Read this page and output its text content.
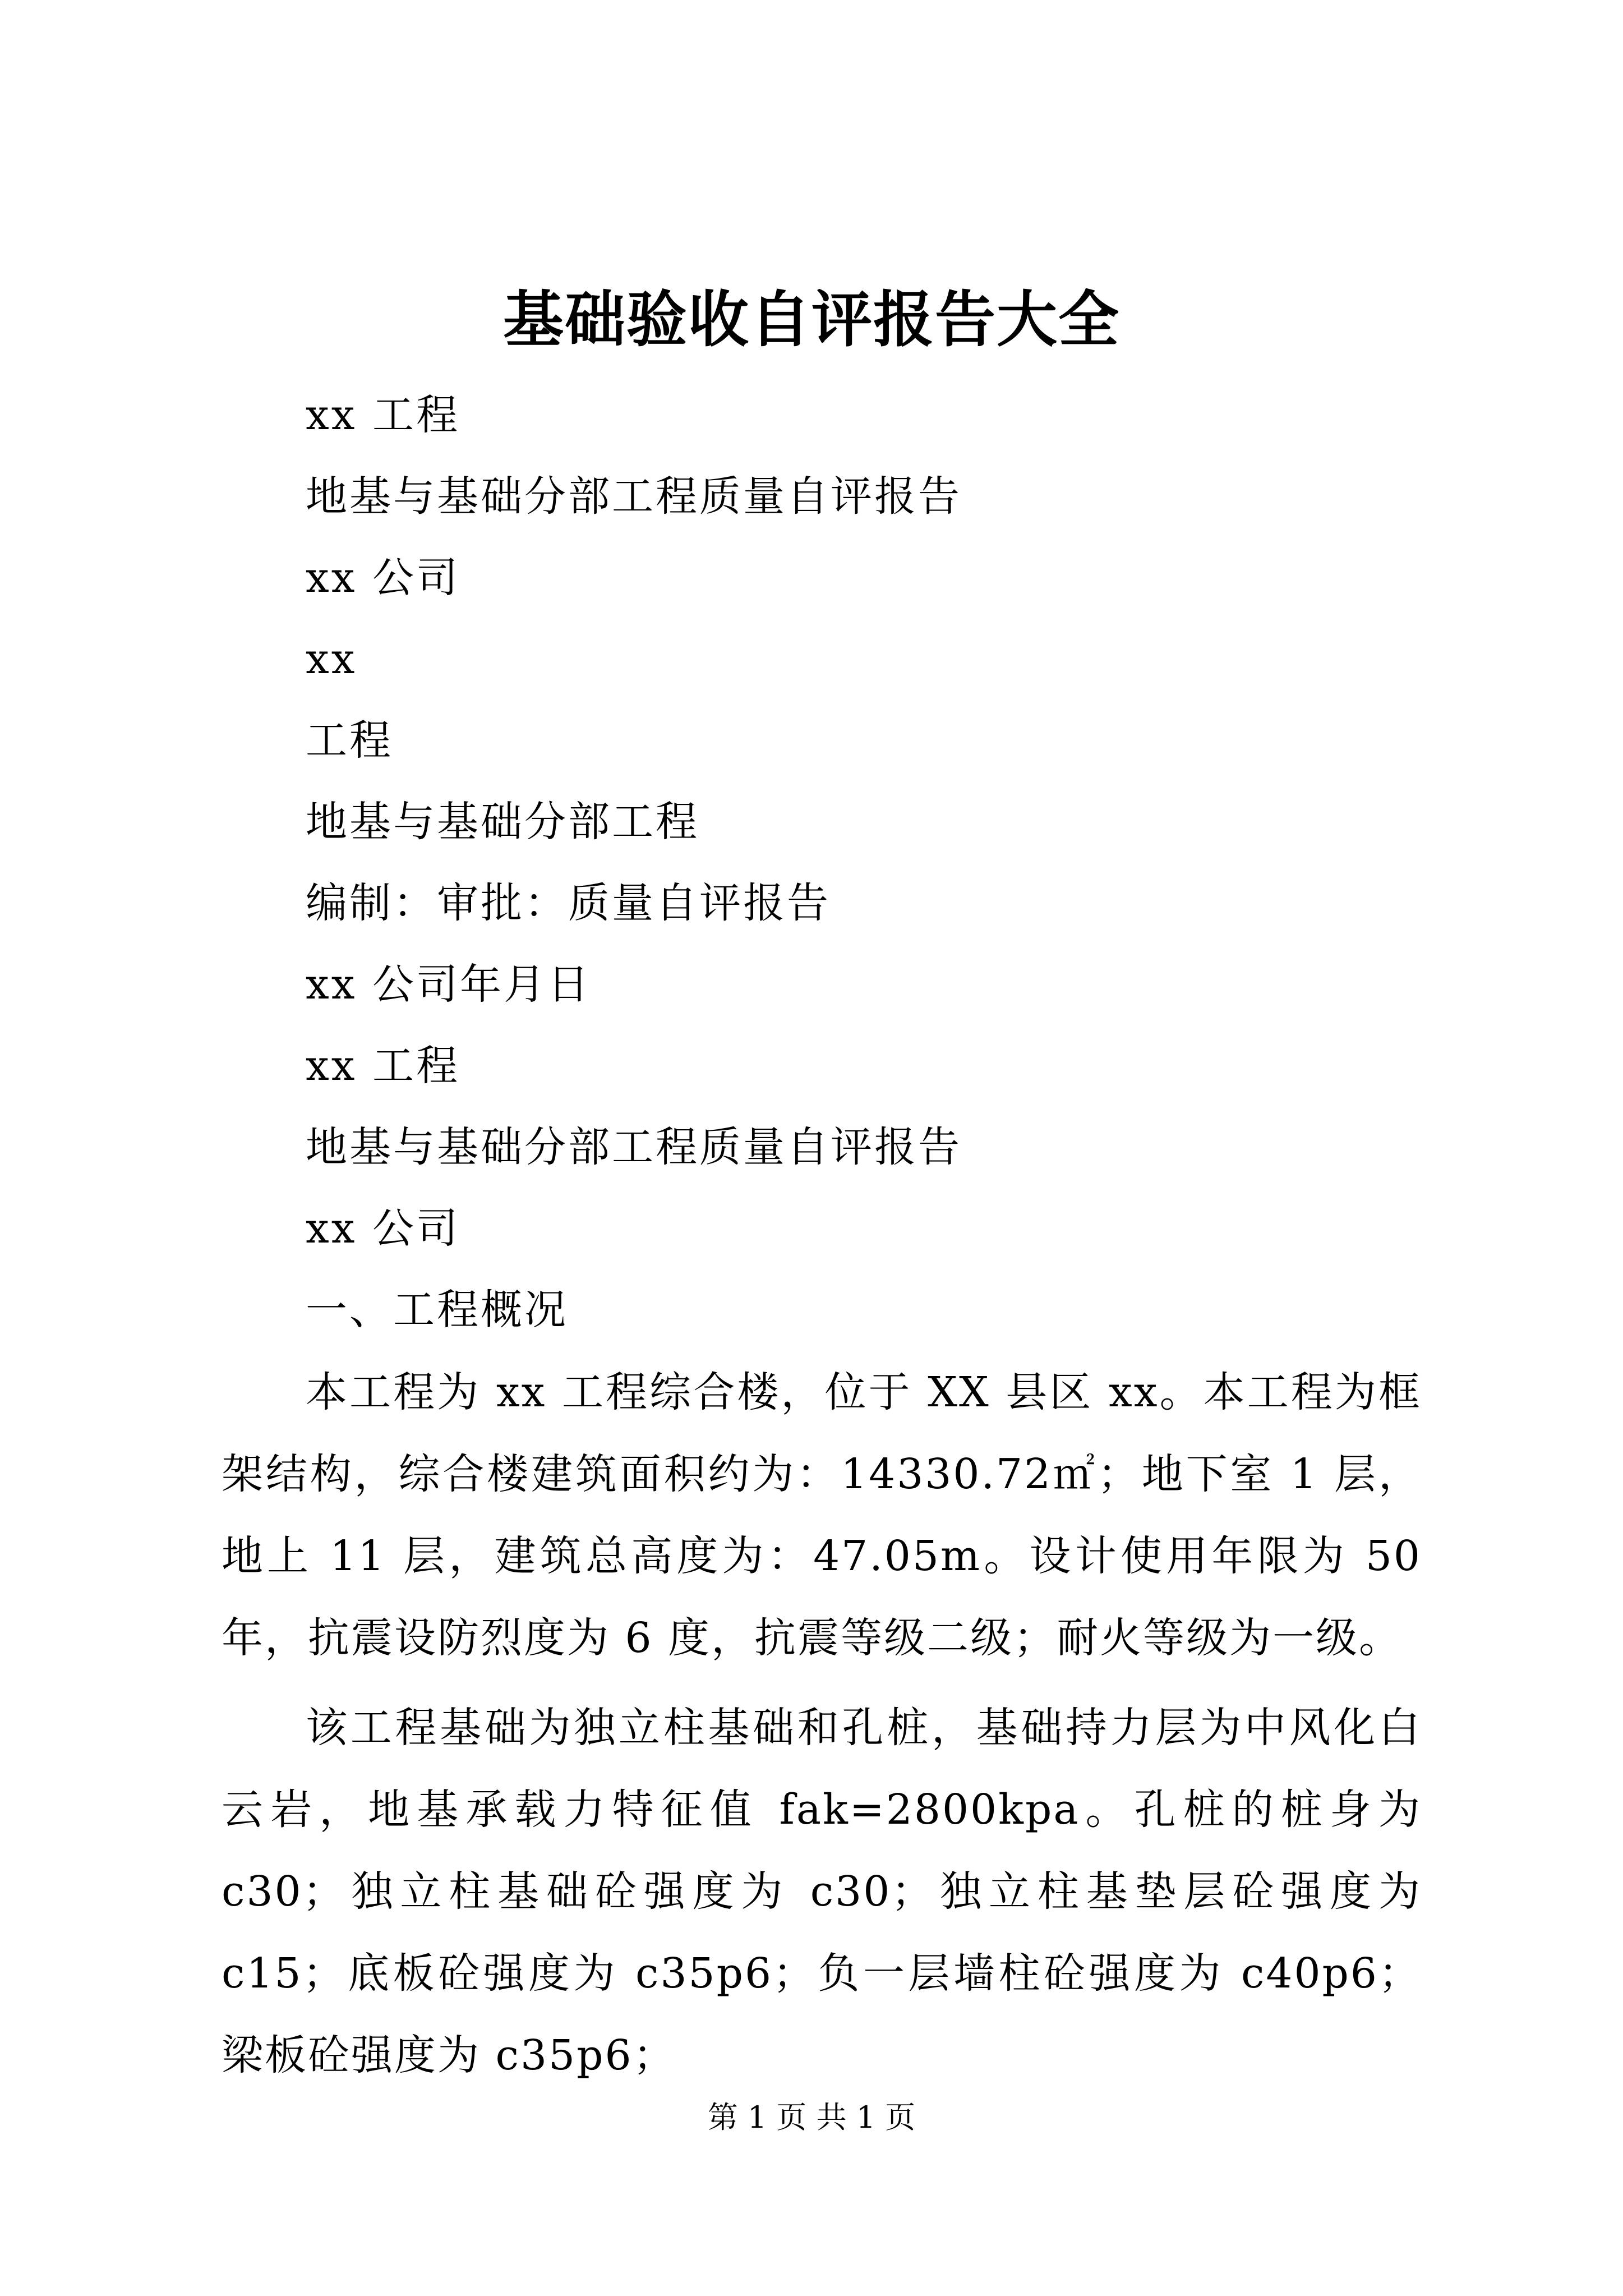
基础验收自评报告大全
xx 工程
地基与基础分部工程质量自评报告
xx 公司
xx
工程
地基与基础分部工程
编制：审批：质量自评报告
xx 公司年月日
xx 工程
地基与基础分部工程质量自评报告
xx 公司
一、工程概况
本工程为 xx 工程综合楼，位于 XX 县区 xx。本工程为框架结构，综合楼建筑面积约为：14330.72㎡；地下室 1 层，地上 11 层，建筑总高度为：47.05m。设计使用年限为 50 年，抗震设防烈度为 6 度，抗震等级二级；耐火等级为一级。
该工程基础为独立柱基础和孔桩，基础持力层为中风化白云岩，地基承载力特征值 fak=2800kpa。孔桩的桩身为 c30；独立柱基础砼强度为 c30；独立柱基垫层砼强度为 c15；底板砼强度为 c35p6；负一层墙柱砼强度为 c40p6；梁板砼强度为 c35p6；
第 1 页 共 1 页
